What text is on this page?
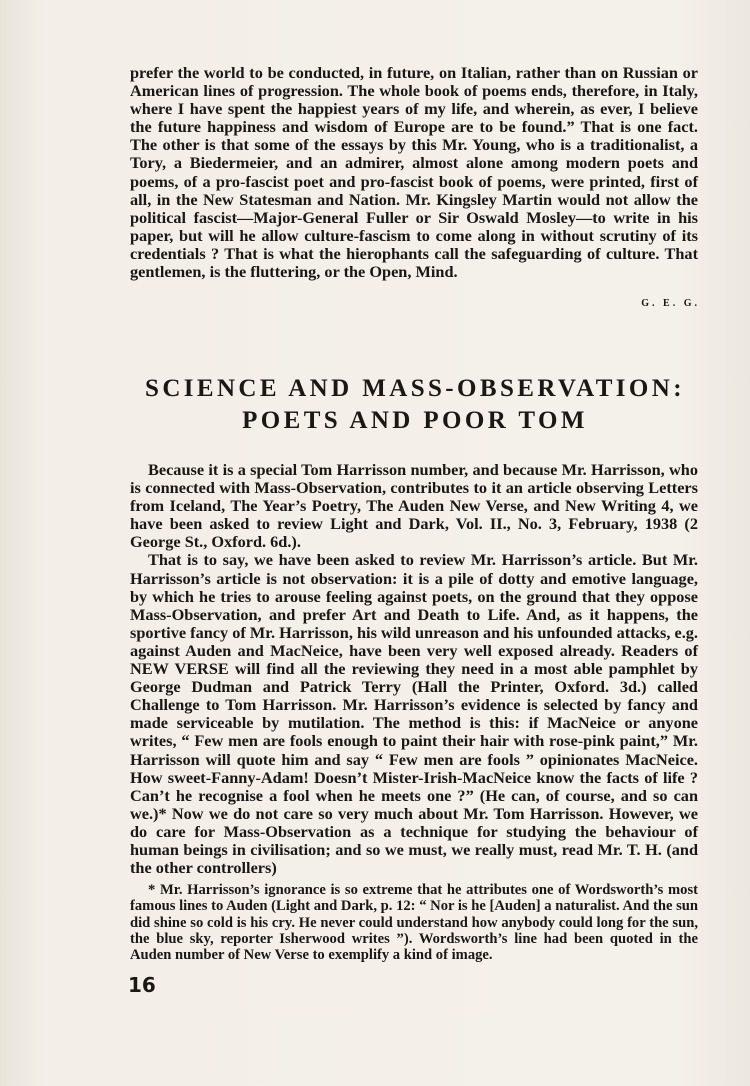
prefer the world to be conducted, in future, on Italian, rather than on Russian or American lines of progression. The whole book of poems ends, therefore, in Italy, where I have spent the happiest years of my life, and wherein, as ever, I believe the future happiness and wisdom of Europe are to be found.” That is one fact. The other is that some of the essays by this Mr. Young, who is a traditionalist, a Tory, a Biedermeier, and an admirer, almost alone among modern poets and poems, of a pro-fascist poet and pro-fascist book of poems, were printed, first of all, in the New Statesman and Nation. Mr. Kingsley Martin would not allow the political fascist—Major-General Fuller or Sir Oswald Mosley—to write in his paper, but will he allow culture-fascism to come along in without scrutiny of its credentials ? That is what the hierophants call the safeguarding of culture. That gentlemen, is the fluttering, or the Open, Mind.

G. E. G.
SCIENCE AND MASS-OBSERVATION:
POETS AND POOR TOM

Because it is a special Tom Harrisson number, and because Mr. Harrisson, who is connected with Mass-Observation, contributes to it an article observing Letters from Iceland, The Year’s Poetry, The Auden New Verse, and New Writing 4, we have been asked to review Light and Dark, Vol. II., No. 3, February, 1938 (2 George St., Oxford. 6d.).

That is to say, we have been asked to review Mr. Harrisson’s article. But Mr. Harrisson’s article is not observation: it is a pile of dotty and emotive language, by which he tries to arouse feeling against poets, on the ground that they oppose Mass-Observation, and prefer Art and Death to Life. And, as it happens, the sportive fancy of Mr. Harrisson, his wild unreason and his unfounded attacks, e.g. against Auden and MacNeice, have been very well exposed already. Readers of NEW VERSE will find all the reviewing they need in a most able pamphlet by George Dudman and Patrick Terry (Hall the Printer, Oxford. 3d.) called Challenge to Tom Harrisson. Mr. Harrisson’s evidence is selected by fancy and made serviceable by mutilation. The method is this: if MacNeice or anyone writes, “ Few men are fools enough to paint their hair with rose-pink paint,” Mr. Harrisson will quote him and say “ Few men are fools ” opinionates MacNeice. How sweet-Fanny-Adam! Doesn’t Mister-Irish-MacNeice know the facts of life ? Can’t he recognise a fool when he meets one ?” (He can, of course, and so can we.)* Now we do not care so very much about Mr. Tom Harrisson. However, we do care for Mass-Observation as a technique for studying the behaviour of human beings in civilisation; and so we must, we really must, read Mr. T. H. (and the other controllers)

* Mr. Harrisson’s ignorance is so extreme that he attributes one of Wordsworth’s most famous lines to Auden (Light and Dark, p. 12: “ Nor is he [Auden] a naturalist. And the sun did shine so cold is his cry. He never could understand how anybody could long for the sun, the blue sky, reporter Isherwood writes ”). Wordsworth’s line had been quoted in the Auden number of New Verse to exemplify a kind of image.

16
